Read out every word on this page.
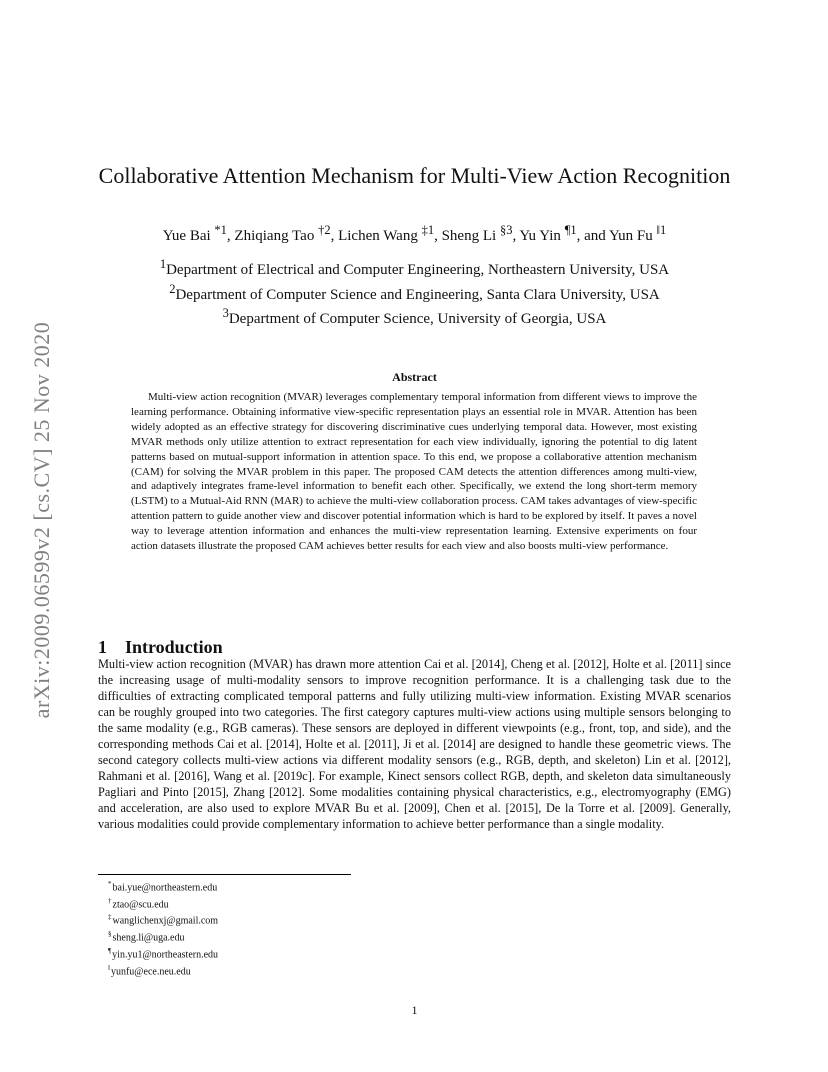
arXiv:2009.06599v2 [cs.CV] 25 Nov 2020
Collaborative Attention Mechanism for Multi-View Action Recognition
Yue Bai $^{*1}$, Zhiqiang Tao $^{\dagger 2}$, Lichen Wang $^{\ddagger 1}$, Sheng Li $^{\S 3}$, Yu Yin $^{\P 1}$, and Yun Fu $^{‖1}$
$^1$Department of Electrical and Computer Engineering, Northeastern University, USA
$^2$Department of Computer Science and Engineering, Santa Clara University, USA
$^3$Department of Computer Science, University of Georgia, USA
Abstract

Multi-view action recognition (MVAR) leverages complementary temporal information from different views to improve the learning performance. Obtaining informative view-specific representation plays an essential role in MVAR. Attention has been widely adopted as an effective strategy for discovering discriminative cues underlying temporal data. However, most existing MVAR methods only utilize attention to extract representation for each view individually, ignoring the potential to dig latent patterns based on mutual-support information in attention space. To this end, we propose a collaborative attention mechanism (CAM) for solving the MVAR problem in this paper. The proposed CAM detects the attention differences among multi-view, and adaptively integrates frame-level information to benefit each other. Specifically, we extend the long short-term memory (LSTM) to a Mutual-Aid RNN (MAR) to achieve the multi-view collaboration process. CAM takes advantages of view-specific attention pattern to guide another view and discover potential information which is hard to be explored by itself. It paves a novel way to leverage attention information and enhances the multi-view representation learning. Extensive experiments on four action datasets illustrate the proposed CAM achieves better results for each view and also boosts multi-view performance.

1 Introduction

Multi-view action recognition (MVAR) has drawn more attention Cai et al. [2014], Cheng et al. [2012], Holte et al. [2011] since the increasing usage of multi-modality sensors to improve recognition performance. It is a challenging task due to the difficulties of extracting complicated temporal patterns and fully utilizing multi-view information. Existing MVAR scenarios can be roughly grouped into two categories. The first category captures multi-view actions using multiple sensors belonging to the same modality (e.g., RGB cameras). These sensors are deployed in different viewpoints (e.g., front, top, and side), and the corresponding methods Cai et al. [2014], Holte et al. [2011], Ji et al. [2014] are designed to handle these geometric views. The second category collects multi-view actions via different modality sensors (e.g., RGB, depth, and skeleton) Lin et al. [2012], Rahmani et al. [2016], Wang et al. [2019c]. For example, Kinect sensors collect RGB, depth, and skeleton data simultaneously Pagliari and Pinto [2015], Zhang [2012]. Some modalities containing physical characteristics, e.g., electromyography (EMG) and acceleration, are also used to explore MVAR Bu et al. [2009], Chen et al. [2015], De la Torre et al. [2009]. Generally, various modalities could provide complementary information to achieve better performance than a single modality.

*bai.yue@northeastern.edu
†ztao@scu.edu
‡wanglichenxj@gmail.com
§sheng.li@uga.edu
¶yin.yu1@northeastern.edu
‖yunfu@ece.neu.edu
1
